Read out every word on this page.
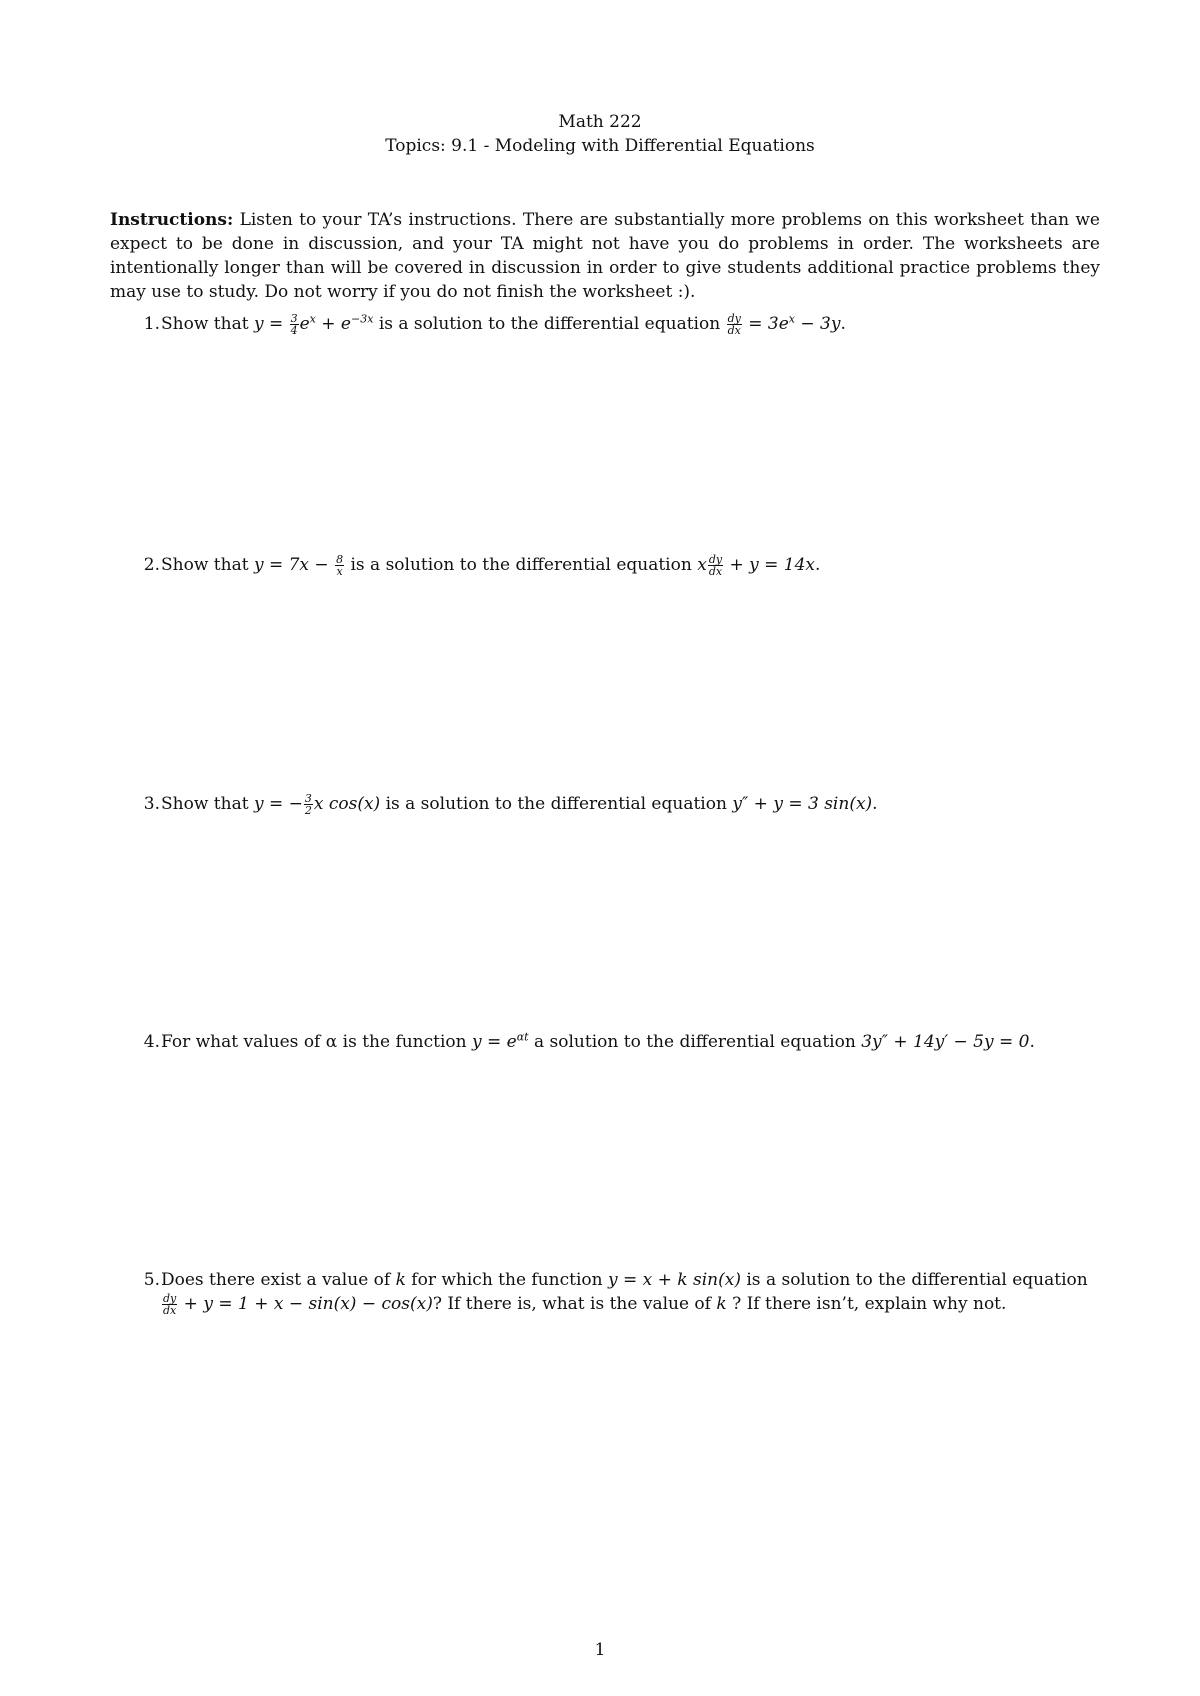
Math 222
Topics: 9.1 - Modeling with Differential Equations
Instructions: Listen to your TA’s instructions. There are substantially more problems on this worksheet than we expect to be done in discussion, and your TA might not have you do problems in order. The worksheets are intentionally longer than will be covered in discussion in order to give students additional practice problems they may use to study. Do not worry if you do not finish the worksheet :).
1. Show that $y = \frac{3}{4} e^x + e^{-3x}$ is a solution to the differential equation $\frac{dy}{dx} = 3e^x - 3y$.
2. Show that $y = 7x - \frac{8}{x}$ is a solution to the differential equation x $\frac{dy}{dx} + y = 14x$.
3. Show that y = − $\frac{3}{2}$ x cos(x) is a solution to the differential equation y″ + y = 3 sin(x).
4. For what values of α is the function $y = e^{\alpha t}$ a solution to the differential equation 3y″ + 14y′ − 5y = 0.
5. Does there exist a value of k for which the function y = x + k sin(x) is a solution to the differential equation
$\frac{dy}{dx} + y = 1 + x - \sin(x) - \cos(x)$? If there is, what is the value of k ? If there isn’t, explain why not.
1
